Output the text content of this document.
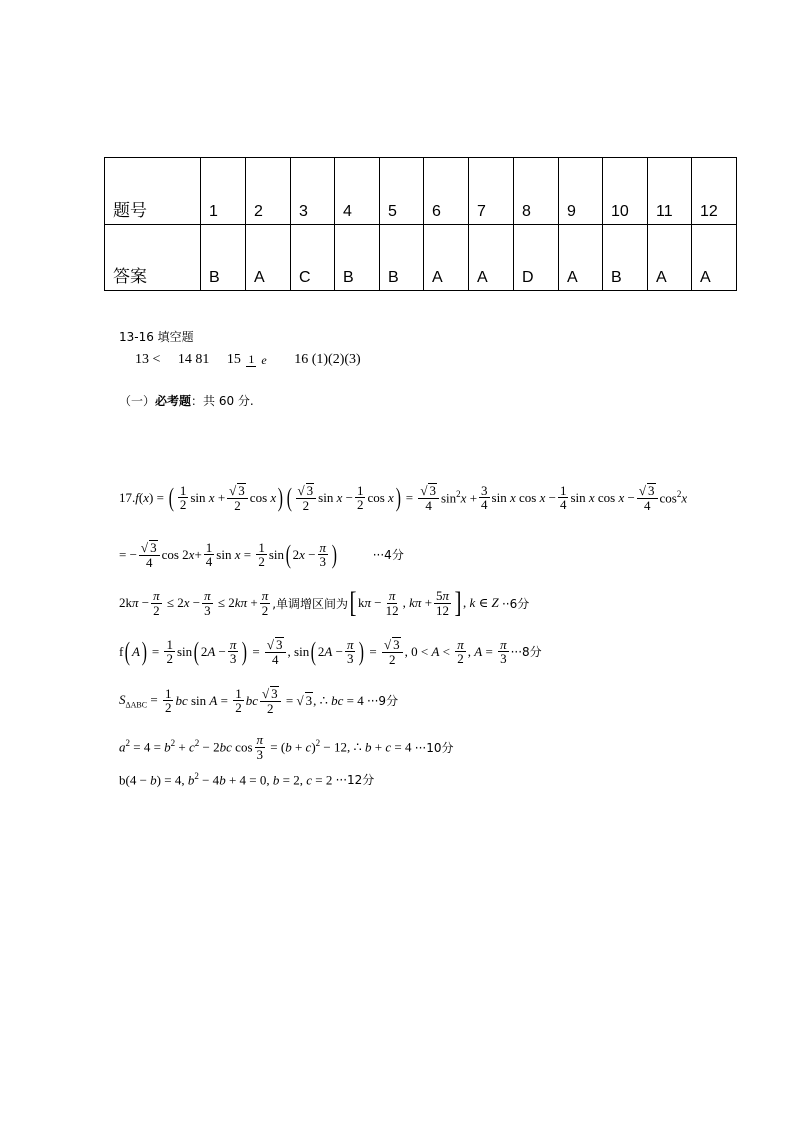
题号	1	2	3	4	5	6	7	8	9	10	11	12
答案	B	A	C	B	B	A	A	D	A	B	A	A
13-16 填空题
13 < 14 81 15 1 e 16 (1)(2)(3)
（一）必考题：共 60 分.
17. f ( x ) = ( $\frac{1}{2}$ $\sin x + \frac{√ 3}{2}$ cos x ) ( $\frac{√ 3}{2}$ $\sin x - \frac{1}{2}$ cos x ) = $\frac{√ 3}{4} \sin^2x + \frac{3}{4}$ sin x $\cos x - \frac{1}{4}$ sin x $\cos x - \frac{√ 3}{4} \cos^2x$
= − $\frac{√ 3}{4}$ $\cos 2x+ \frac{1}{4}$ $\sin x = \frac{1}{2}$ sin ( $2x - \frac{\pi}{3}$ )	···4分
$2k\pi - \frac{\pi}{2} \le 2x - \frac{\pi}{3} \le 2k\pi + \frac{\pi}{2}$ ,单调增区间为 [ $k\pi - \frac{\pi}{12}$ , $k\pi + \frac{5\pi}{12}$ ] , k ∈ Z ··6分
f ( A ) = $\frac{1}{2}$ sin ( $2A - \frac{\pi}{3}$ ) = $\frac{√ 3}{4}$ , sin ( $2A - \frac{\pi}{3}$ ) = $\frac{√ 3}{2}$ , $0 < A < \frac{\pi}{2}$ , $A = \frac{\pi}{3} \cdot\cdot\cdot 8$分
$S_{\Delta ABC} = \frac{1}{2}$ bc $\sin A = \frac{1}{2}$ bc $\frac{√ 3}{2}$ = √ 3, ∴ bc = 4 ···9分
$a^2 = 4 = b^2 + c^2 - 2bc$ $\cos \frac{\pi}{3} = (b + c)^2 - 12$, ∴ b + c = 4 ···10分
b(4 − b) = 4, $b^2 - 4b + 4 = 0$, b = 2, c = 2 ···12分
